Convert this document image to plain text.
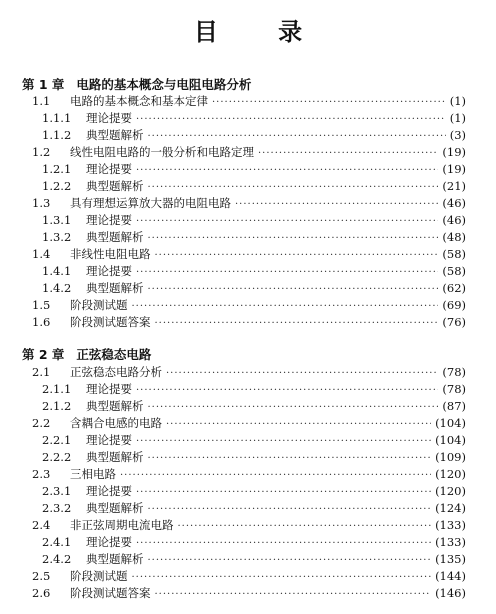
目 录
第 1 章 电路的基本概念与电阻电路分析
1.1	电路的基本概念和基本定律 ·····	(1)
1.1.1	理论提要 ·····	(1)
1.1.2	典型题解析 ·····	(3)
1.2	线性电阻电路的一般分析和电路定理 ·····	(19)
1.2.1	理论提要 ·····	(19)
1.2.2	典型题解析 ·····	(21)
1.3	具有理想运算放大器的电阻电路 ·····	(46)
1.3.1	理论提要 ·····	(46)
1.3.2	典型题解析 ·····	(48)
1.4	非线性电阻电路 ·····	(58)
1.4.1	理论提要 ·····	(58)
1.4.2	典型题解析 ·····	(62)
1.5	阶段测试题 ·····	(69)
1.6	阶段测试题答案 ·····	(76)
第 2 章 正弦稳态电路
2.1	正弦稳态电路分析 ·····	(78)
2.1.1	理论提要 ·····	(78)
2.1.2	典型题解析 ·····	(87)
2.2	含耦合电感的电路 ·····	(104)
2.2.1	理论提要 ·····	(104)
2.2.2	典型题解析 ·····	(109)
2.3	三相电路 ·····	(120)
2.3.1	理论提要 ·····	(120)
2.3.2	典型题解析 ·····	(124)
2.4	非正弦周期电流电路 ·····	(133)
2.4.1	理论提要 ·····	(133)
2.4.2	典型题解析 ·····	(135)
2.5	阶段测试题 ·····	(144)
2.6	阶段测试题答案 ·····	(146)
